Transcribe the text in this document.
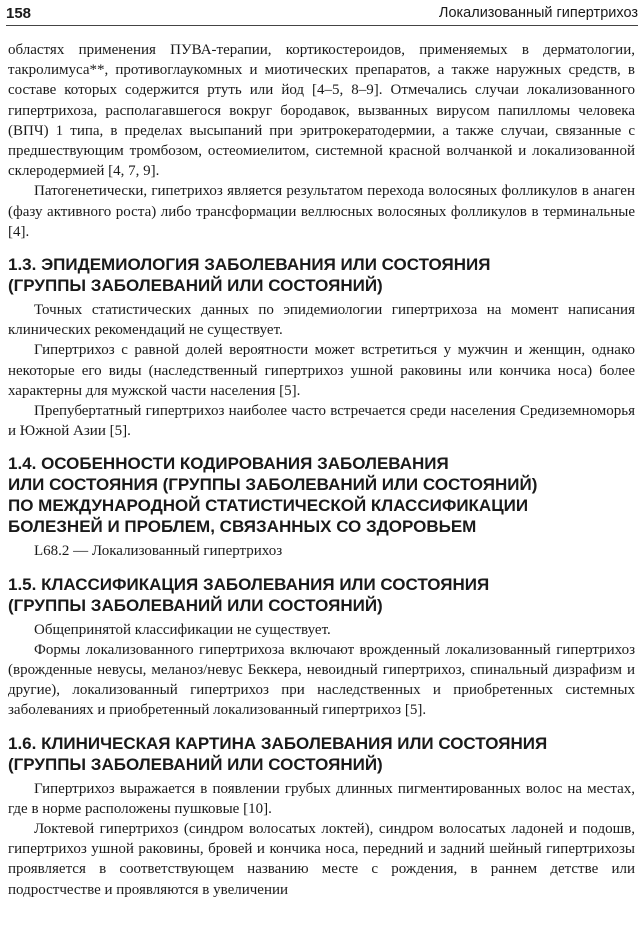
158	Локализованный гипертрихоз

областях применения ПУВА-терапии, кортикостероидов, применяемых в дерматологии, такролимуса**, противоглаукомных и миотических препаратов, а также наружных средств, в составе которых содержится ртуть или йод [4–5, 8–9]. Отмечались случаи локализованного гипертрихоза, располагавшегося вокруг бородавок, вызванных вирусом папилломы человека (ВПЧ) 1 типа, в пределах высыпаний при эритрокератодермии, а также случаи, связанные с предшествующим тромбозом, остеомиелитом, системной красной волчанкой и локализованной склеродермией [4, 7, 9].

Патогенетически, гипетрихоз является результатом перехода волосяных фолликулов в анаген (фазу активного роста) либо трансформации веллюсных волосяных фолликулов в терминальные [4].

1.3. ЭПИДЕМИОЛОГИЯ ЗАБОЛЕВАНИЯ ИЛИ СОСТОЯНИЯ
(ГРУППЫ ЗАБОЛЕВАНИЙ ИЛИ СОСТОЯНИЙ)

Точных статистических данных по эпидемиологии гипертрихоза на момент написания клинических рекомендаций не существует.

Гипертрихоз с равной долей вероятности может встретиться у мужчин и женщин, однако некоторые его виды (наследственный гипертрихоз ушной раковины или кончика носа) более характерны для мужской части населения [5].

Препубертатный гипертрихоз наиболее часто встречается среди населения Средиземноморья и Южной Азии [5].

1.4. ОСОБЕННОСТИ КОДИРОВАНИЯ ЗАБОЛЕВАНИЯ
ИЛИ СОСТОЯНИЯ (ГРУППЫ ЗАБОЛЕВАНИЙ ИЛИ СОСТОЯНИЙ)
ПО МЕЖДУНАРОДНОЙ СТАТИСТИЧЕСКОЙ КЛАССИФИКАЦИИ
БОЛЕЗНЕЙ И ПРОБЛЕМ, СВЯЗАННЫХ СО ЗДОРОВЬЕМ

L68.2 — Локализованный гипертрихоз

1.5. КЛАССИФИКАЦИЯ ЗАБОЛЕВАНИЯ ИЛИ СОСТОЯНИЯ
(ГРУППЫ ЗАБОЛЕВАНИЙ ИЛИ СОСТОЯНИЙ)

Общепринятой классификации не существует.

Формы локализованного гипертрихоза включают врожденный локализованный гипертрихоз (врожденные невусы, меланоз/невус Беккера, невоидный гипертрихоз, спинальный дизрафизм и другие), локализованный гипертрихоз при наследственных и приобретенных системных заболеваниях и приобретенный локализованный гипертрихоз [5].

1.6. КЛИНИЧЕСКАЯ КАРТИНА ЗАБОЛЕВАНИЯ ИЛИ СОСТОЯНИЯ
(ГРУППЫ ЗАБОЛЕВАНИЙ ИЛИ СОСТОЯНИЙ)

Гипертрихоз выражается в появлении грубых длинных пигментированных волос на местах, где в норме расположены пушковые [10].

Локтевой гипертрихоз (синдром волосатых локтей), синдром волосатых ладоней и подошв, гипертрихоз ушной раковины, бровей и кончика носа, передний и задний шейный гипертрихозы проявляется в соответствующем названию месте с рождения, в раннем детстве или подростчестве и проявляются в увеличении
